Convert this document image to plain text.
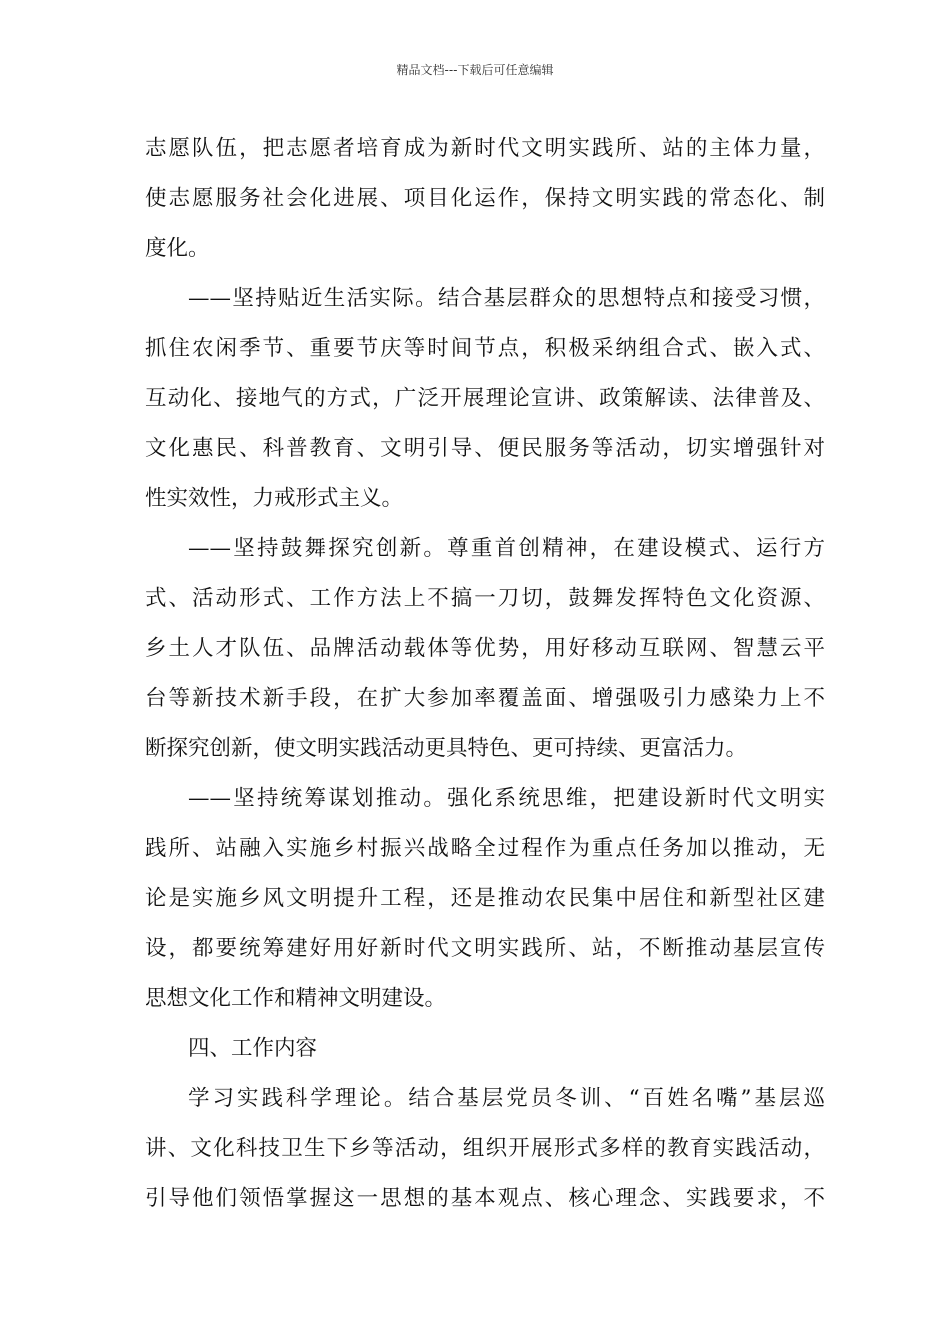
精品文档---下载后可任意编辑
志愿队伍，把志愿者培育成为新时代文明实践所、站的主体力量，
使志愿服务社会化进展、项目化运作，保持文明实践的常态化、制
度化。
——坚持贴近生活实际。结合基层群众的思想特点和接受习惯，
抓住农闲季节、重要节庆等时间节点，积极采纳组合式、嵌入式、
互动化、接地气的方式，广泛开展理论宣讲、政策解读、法律普及、
文化惠民、科普教育、文明引导、便民服务等活动，切实增强针对
性实效性，力戒形式主义。
——坚持鼓舞探究创新。尊重首创精神，在建设模式、运行方
式、活动形式、工作方法上不搞一刀切，鼓舞发挥特色文化资源、
乡土人才队伍、品牌活动载体等优势，用好移动互联网、智慧云平
台等新技术新手段，在扩大参加率覆盖面、增强吸引力感染力上不
断探究创新，使文明实践活动更具特色、更可持续、更富活力。
——坚持统筹谋划推动。强化系统思维，把建设新时代文明实
践所、站融入实施乡村振兴战略全过程作为重点任务加以推动，无
论是实施乡风文明提升工程，还是推动农民集中居住和新型社区建
设，都要统筹建好用好新时代文明实践所、站，不断推动基层宣传
思想文化工作和精神文明建设。
四、工作内容
学习实践科学理论。结合基层党员冬训、“百姓名嘴”基层巡
讲、文化科技卫生下乡等活动，组织开展形式多样的教育实践活动，
引导他们领悟掌握这一思想的基本观点、核心理念、实践要求，不
